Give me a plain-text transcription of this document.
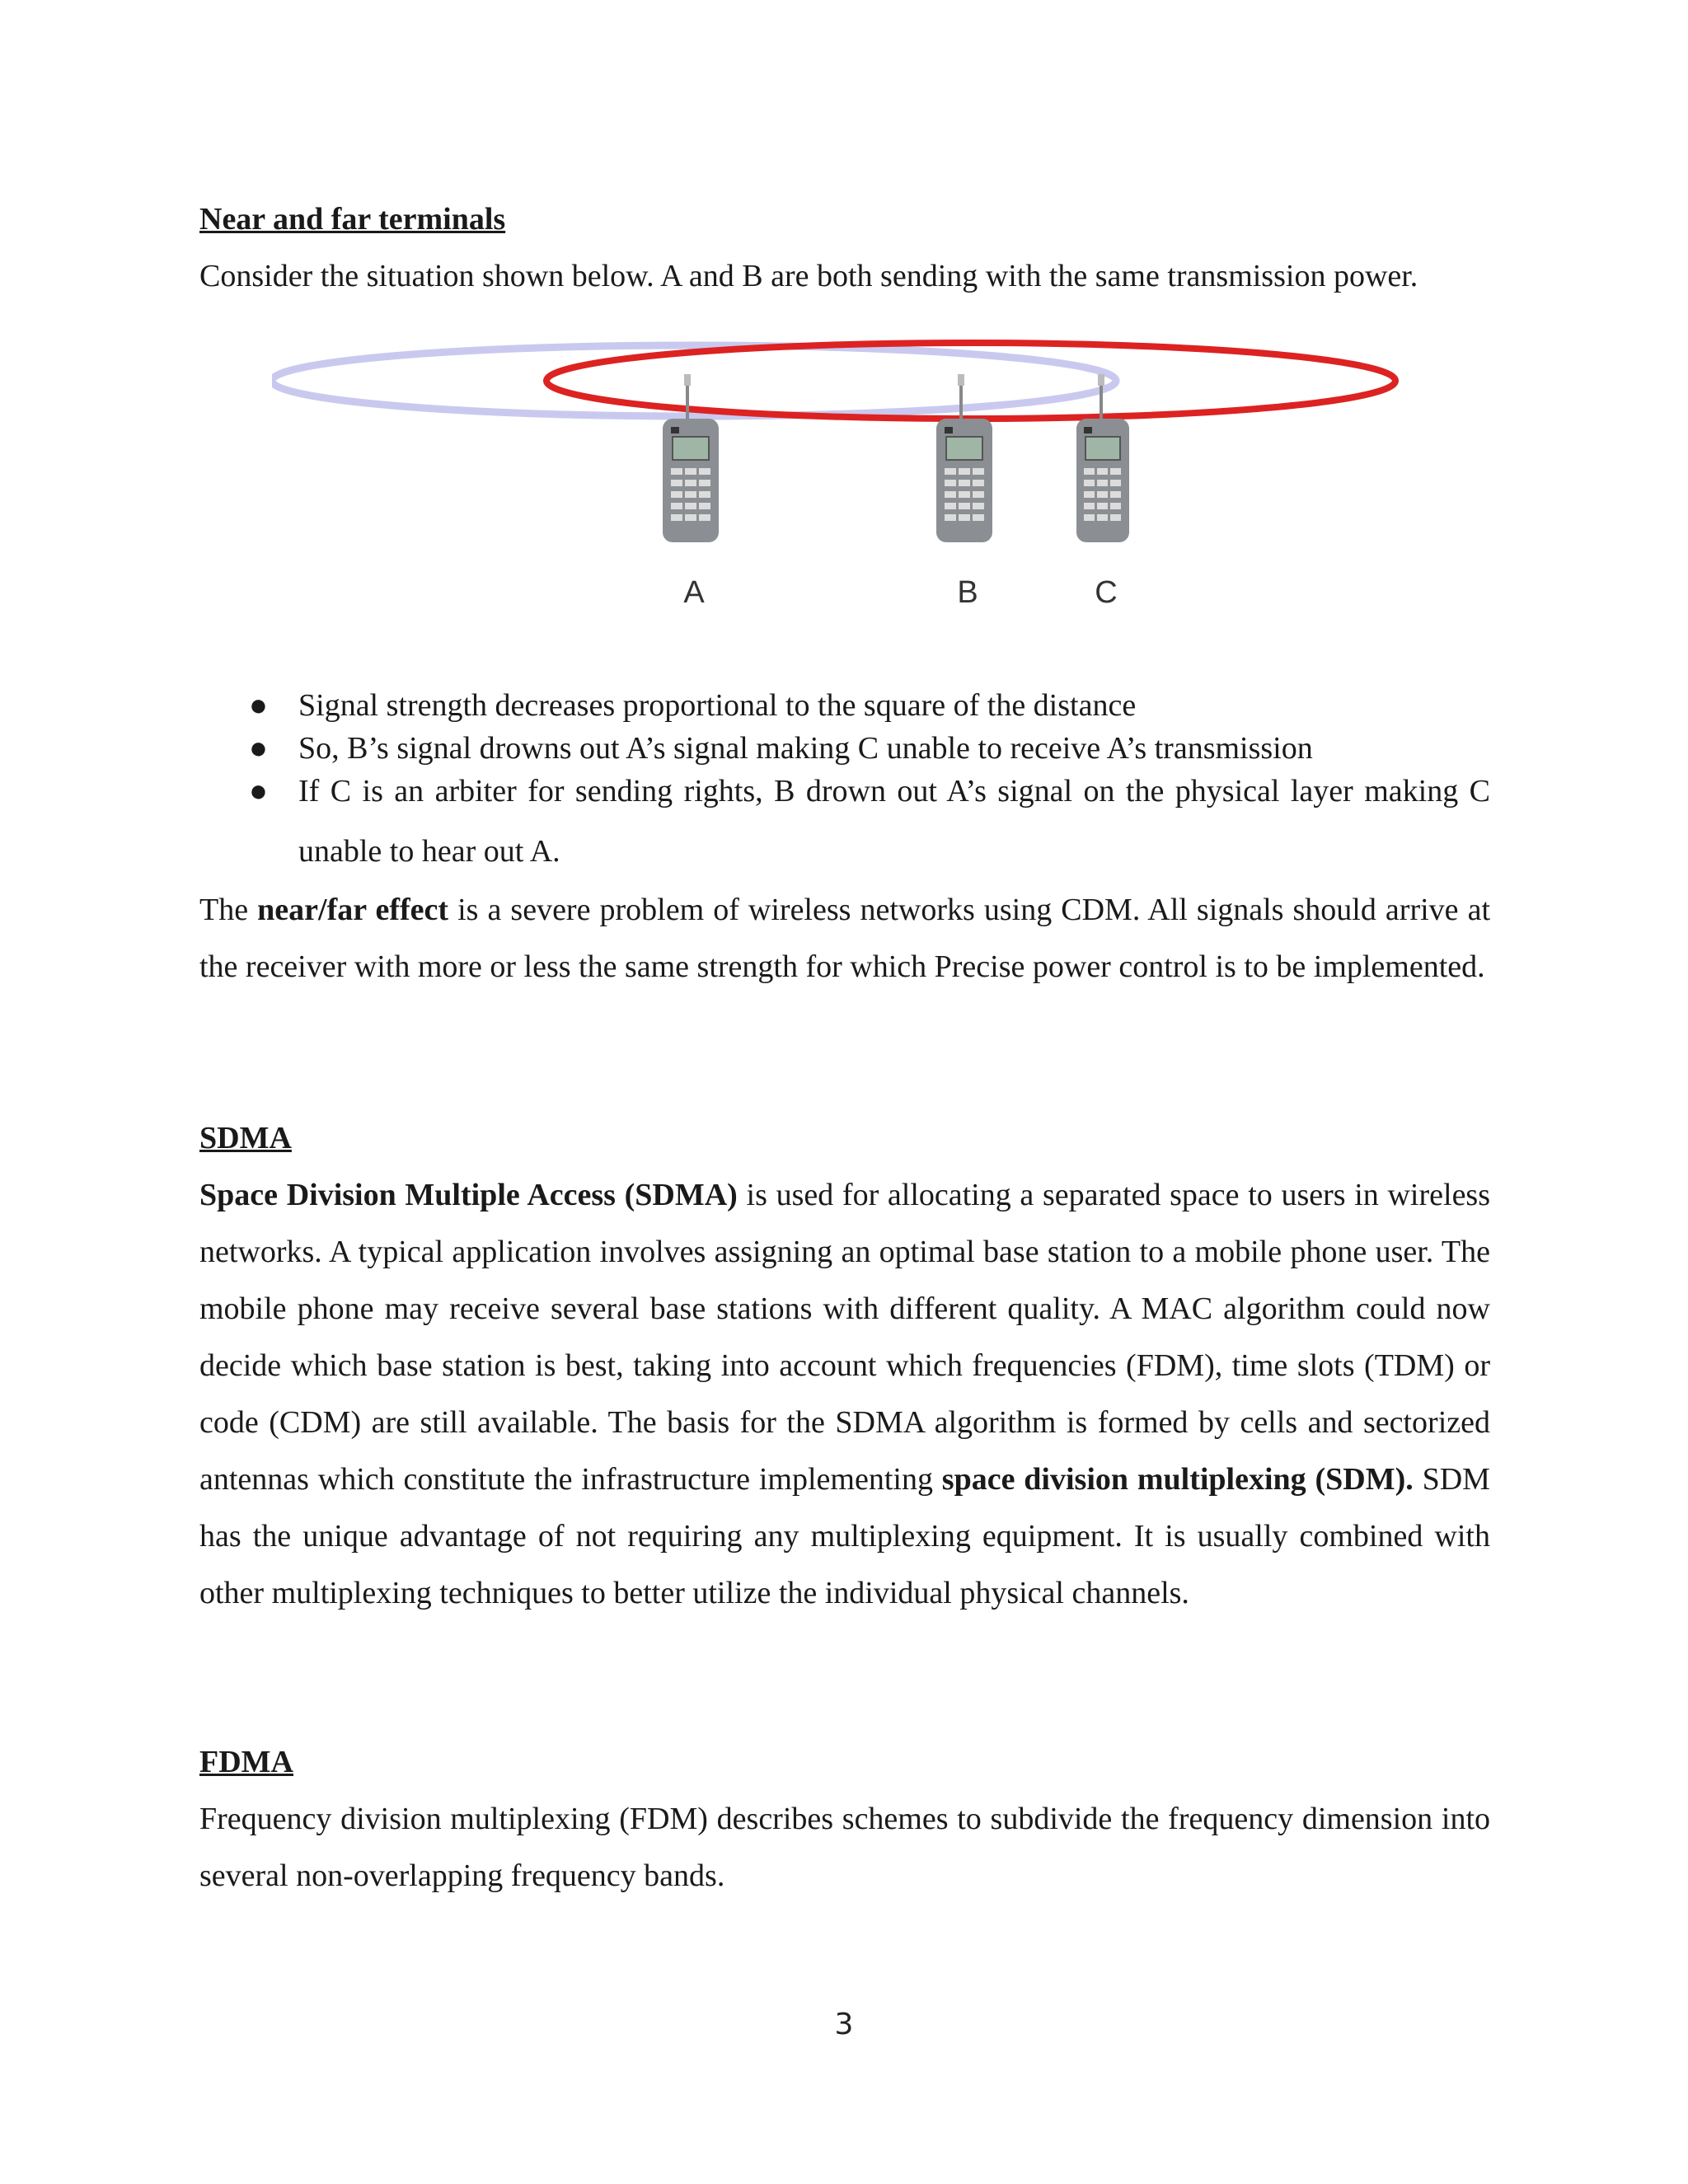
Near and far terminals

Consider the situation shown below. A and B are both sending with the same transmission power.

A	B	C
● Signal strength decreases proportional to the square of the distance
● So, B’s signal drowns out A’s signal making C unable to receive A’s transmission
● If C is an arbiter for sending rights, B drown out A’s signal on the physical layer making C unable to hear out A.

The near/far effect is a severe problem of wireless networks using CDM. All signals should arrive at the receiver with more or less the same strength for which Precise power control is to be implemented.

SDMA

Space Division Multiple Access (SDMA) is used for allocating a separated space to users in wireless networks. A typical application involves assigning an optimal base station to a mobile phone user. The mobile phone may receive several base stations with different quality. A MAC algorithm could now decide which base station is best, taking into account which frequencies (FDM), time slots (TDM) or code (CDM) are still available. The basis for the SDMA algorithm is formed by cells and sectorized antennas which constitute the infrastructure implementing space division multiplexing (SDM). SDM has the unique advantage of not requiring any multiplexing equipment. It is usually combined with other multiplexing techniques to better utilize the individual physical channels.

FDMA

Frequency division multiplexing (FDM) describes schemes to subdivide the frequency dimension into several non-overlapping frequency bands.

3
